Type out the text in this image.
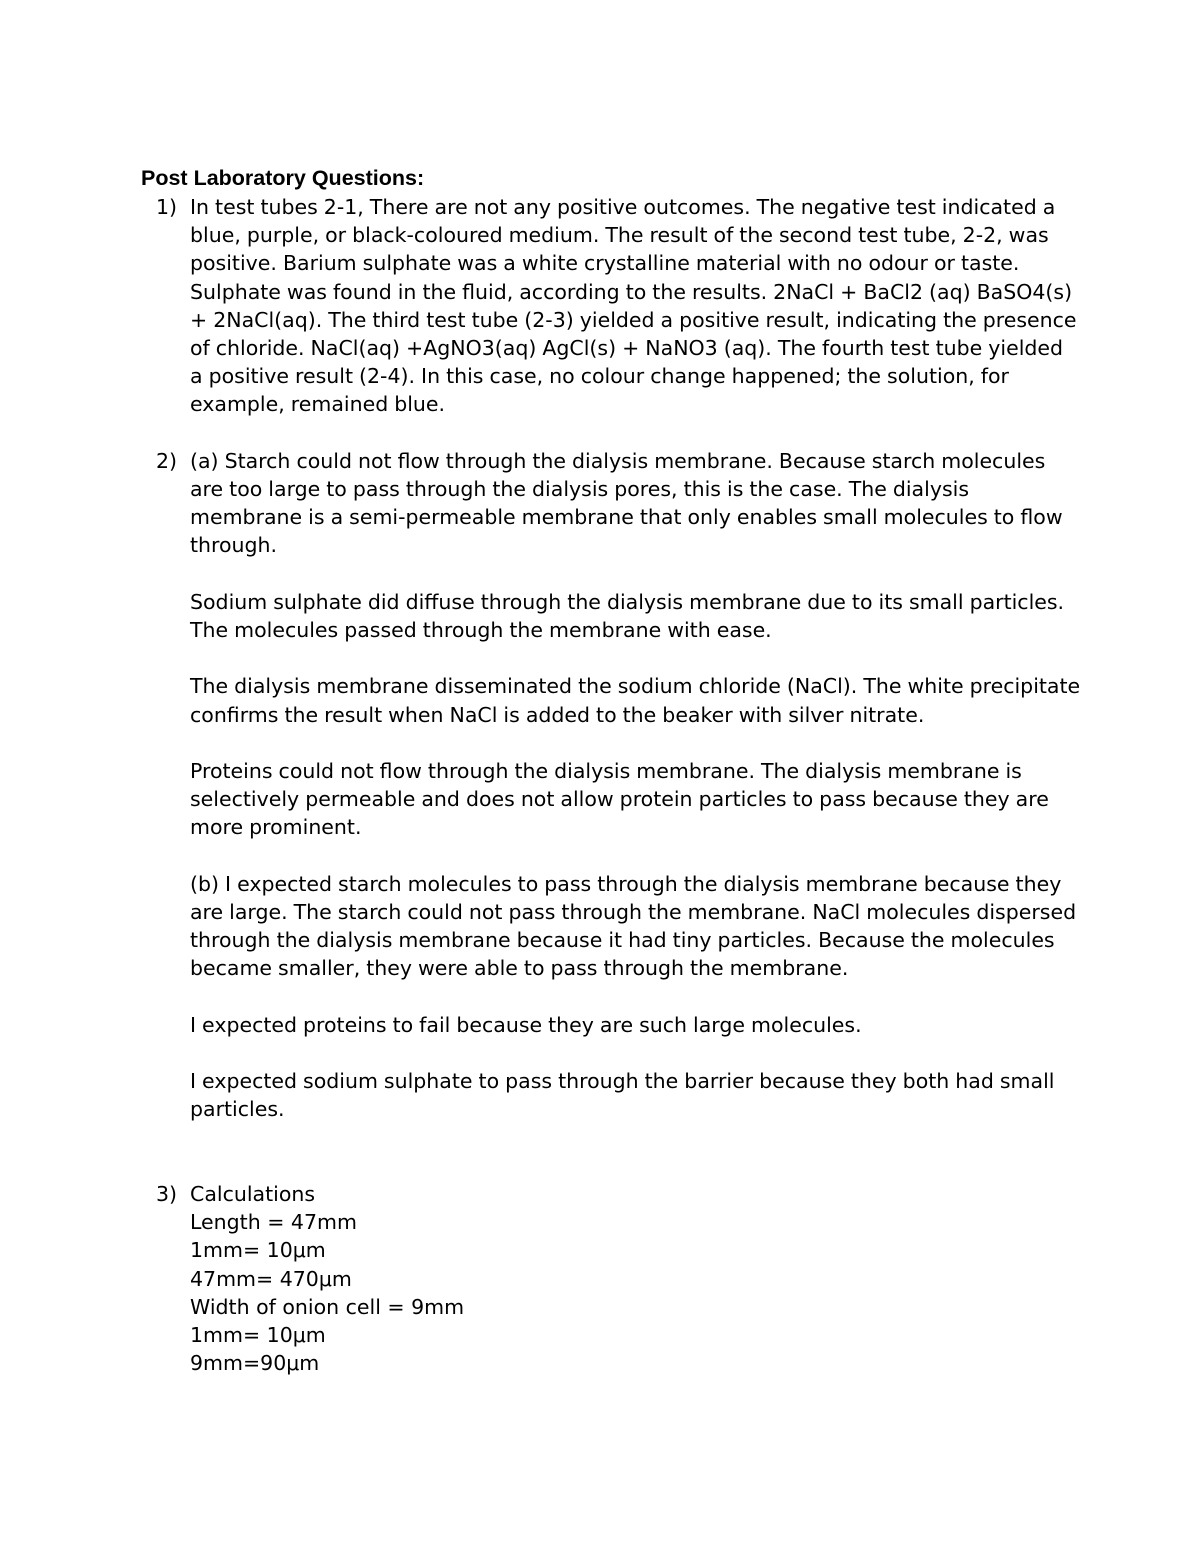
Post Laboratory Questions:
1) In test tubes 2-1, There are not any positive outcomes. The negative test indicated a blue, purple, or black-coloured medium. The result of the second test tube, 2-2, was positive. Barium sulphate was a white crystalline material with no odour or taste. Sulphate was found in the fluid, according to the results. 2NaCl + BaCl2 (aq) BaSO4(s) + 2NaCl(aq). The third test tube (2-3) yielded a positive result, indicating the presence of chloride. NaCl(aq) +AgNO3(aq) AgCl(s) + NaNO3 (aq). The fourth test tube yielded a positive result (2-4). In this case, no colour change happened; the solution, for example, remained blue.

2) (a) Starch could not flow through the dialysis membrane. Because starch molecules are too large to pass through the dialysis pores, this is the case. The dialysis membrane is a semi-permeable membrane that only enables small molecules to flow through.

Sodium sulphate did diffuse through the dialysis membrane due to its small particles. The molecules passed through the membrane with ease.

The dialysis membrane disseminated the sodium chloride (NaCl). The white precipitate confirms the result when NaCl is added to the beaker with silver nitrate.

Proteins could not flow through the dialysis membrane. The dialysis membrane is selectively permeable and does not allow protein particles to pass because they are more prominent.

(b) I expected starch molecules to pass through the dialysis membrane because they are large. The starch could not pass through the membrane. NaCl molecules dispersed through the dialysis membrane because it had tiny particles. Because the molecules became smaller, they were able to pass through the membrane.

I expected proteins to fail because they are such large molecules.

I expected sodium sulphate to pass through the barrier because they both had small particles.

3) Calculations
Length = 47mm
1mm= 10μm
47mm= 470μm
Width of onion cell = 9mm
1mm= 10μm
9mm=90μm
